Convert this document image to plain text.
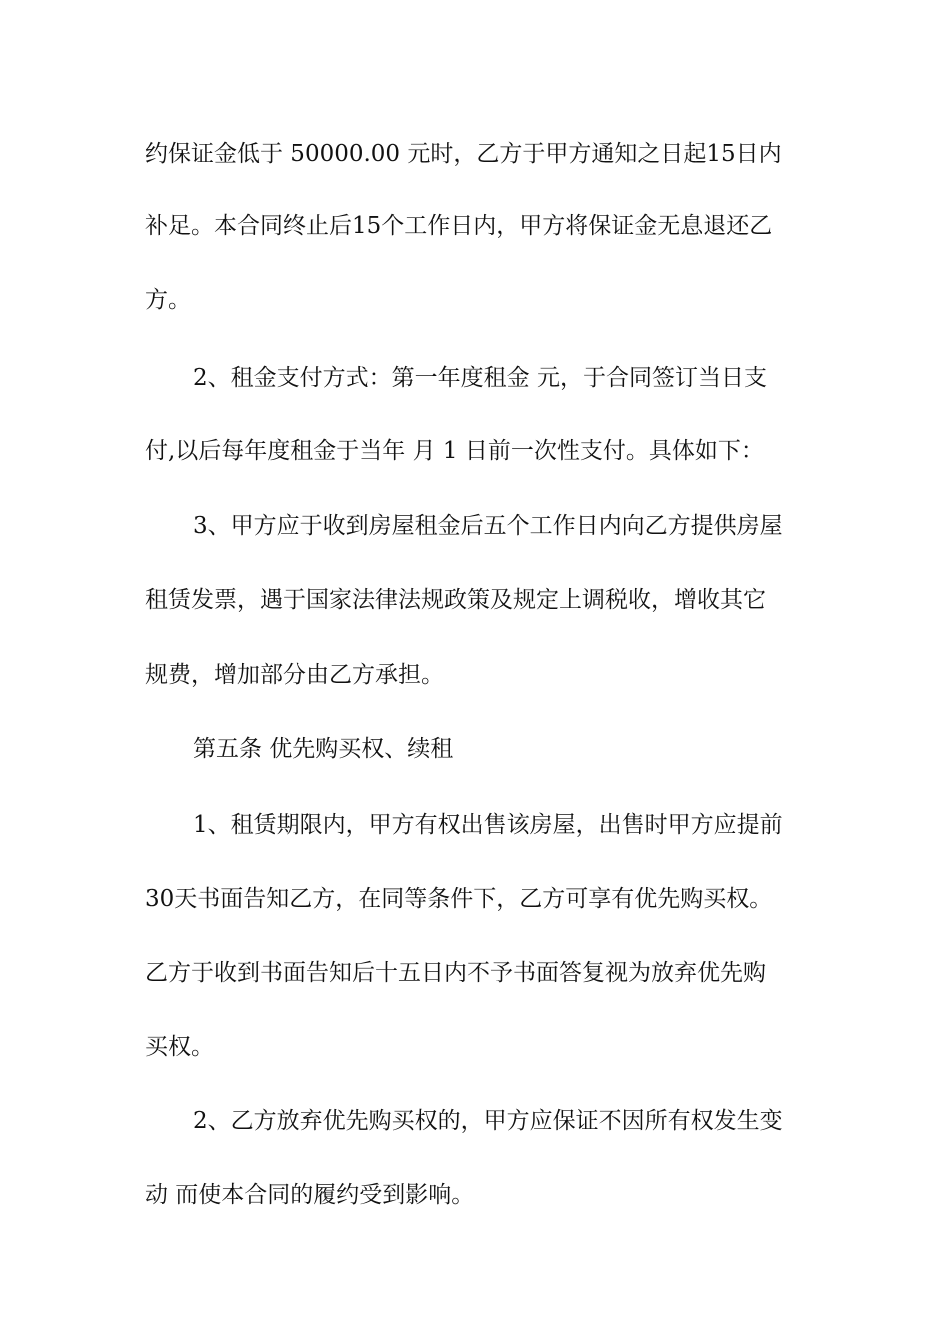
约保证金低于 50000.00 元时，乙方于甲方通知之日起15日内
补足。本合同终止后15个工作日内，甲方将保证金无息退还乙
方。
2、租金支付方式：第一年度租金 元，于合同签订当日支
付,以后每年度租金于当年 月 1 日前一次性支付。具体如下：
3、甲方应于收到房屋租金后五个工作日内向乙方提供房屋
租赁发票，遇于国家法律法规政策及规定上调税收，增收其它
规费，增加部分由乙方承担。
第五条 优先购买权、续租
1、租赁期限内，甲方有权出售该房屋，出售时甲方应提前
30天书面告知乙方，在同等条件下，乙方可享有优先购买权。
乙方于收到书面告知后十五日内不予书面答复视为放弃优先购
买权。
2、乙方放弃优先购买权的，甲方应保证不因所有权发生变
动 而使本合同的履约受到影响。
